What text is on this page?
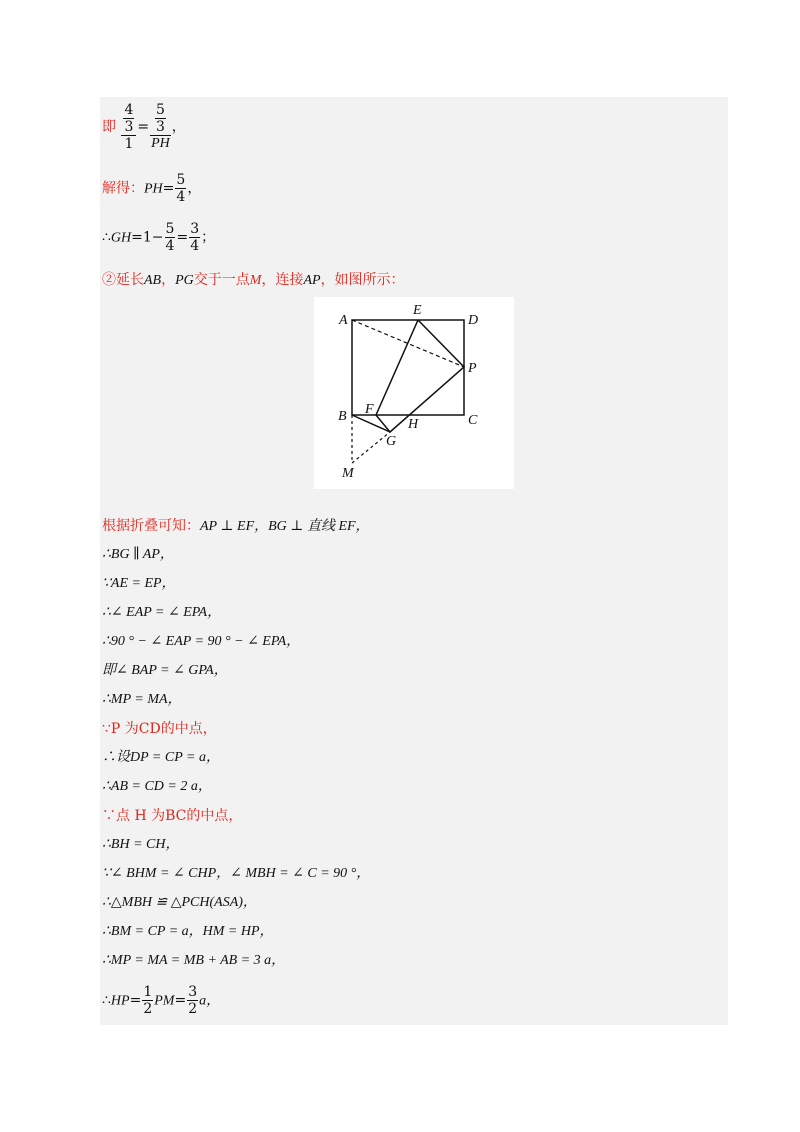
即 $\frac{\frac{4}{3}}{1} = \frac{\frac{5}{3}}{PH}$ ，
解得：$PH= \frac{5}{4}$ ，
∴GH=1− $\frac{5}{4} = \frac{3}{4}$ ；
②延长AB，PG交于一点M，连接AP，如图所示：
A
E
D
P
B F
C
H
G
M
根据折叠可知：AP ⊥ EF，BG ⊥ 直线 EF，
∴BG ∥ AP，
∵AE = EP，
∴∠ EAP = ∠ EPA，
∴90 ° − ∠ EAP = 90 ° − ∠ EPA，
即∠ BAP = ∠ GPA，
∴MP = MA，
∵P 为CD的中点，
∴设DP = CP = a，
∴AB = CD = 2 a，
∵点 H 为BC的中点，
∴BH = CH，
∵∠ BHM = ∠ CHP，∠ MBH = ∠ C = 90 °，
∴△MBH ≌ △PCH(ASA)，
∴BM = CP = a，HM = HP，
∴MP = MA = MB + AB = 3 a，
∴HP= $\frac{1}{2} PM= \frac{3}{2}$ a，
